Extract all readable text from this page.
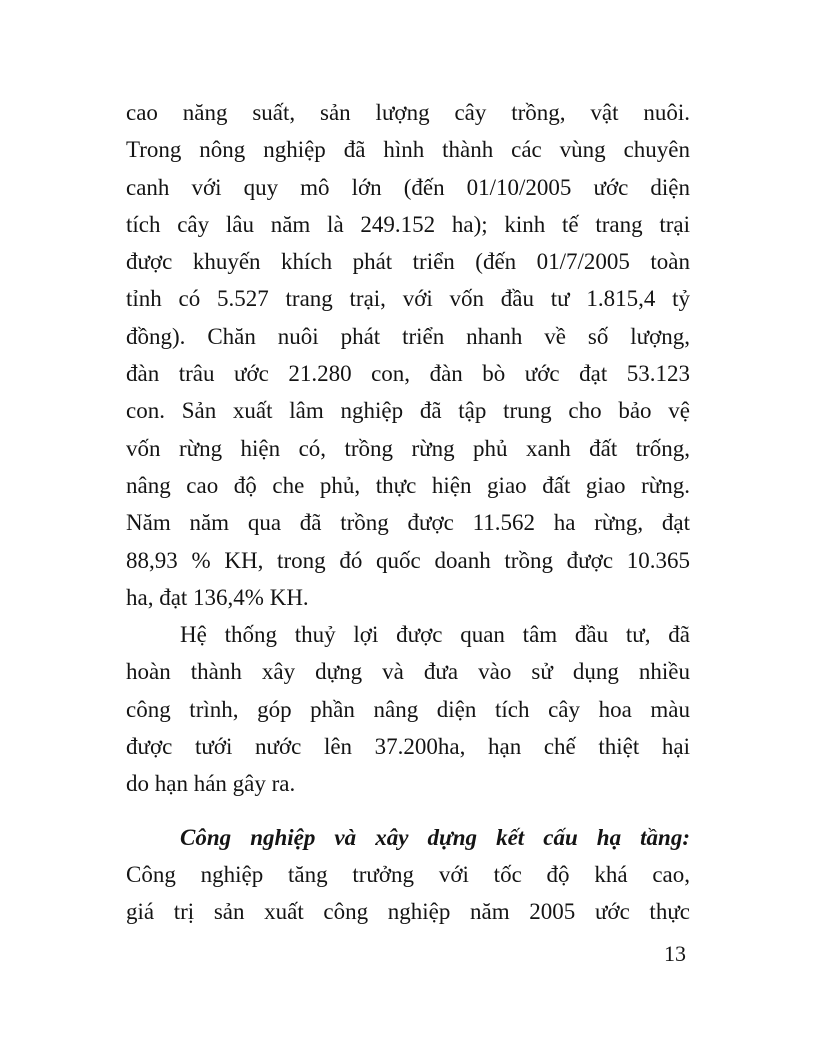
cao năng suất, sản lượng cây trồng, vật nuôi.
Trong nông nghiệp đã hình thành các vùng chuyên
canh với quy mô lớn (đến 01/10/2005 ước diện
tích cây lâu năm là 249.152 ha); kinh tế trang trại
được khuyến khích phát triển (đến 01/7/2005 toàn
tỉnh có 5.527 trang trại, với vốn đầu tư 1.815,4 tỷ
đồng). Chăn nuôi phát triển nhanh về số lượng,
đàn trâu ước 21.280 con, đàn bò ước đạt 53.123
con. Sản xuất lâm nghiệp đã tập trung cho bảo vệ
vốn rừng hiện có, trồng rừng phủ xanh đất trống,
nâng cao độ che phủ, thực hiện giao đất giao rừng.
Năm năm qua đã trồng được 11.562 ha rừng, đạt
88,93 % KH, trong đó quốc doanh trồng được 10.365
ha, đạt 136,4% KH.
Hệ thống thuỷ lợi được quan tâm đầu tư, đã
hoàn thành xây dựng và đưa vào sử dụng nhiều
công trình, góp phần nâng diện tích cây hoa màu
được tưới nước lên 37.200ha, hạn chế thiệt hại
do hạn hán gây ra.
Công nghiệp và xây dựng kết cấu hạ tầng:
Công nghiệp tăng trưởng với tốc độ khá cao,
giá trị sản xuất công nghiệp năm 2005 ước thực
13
